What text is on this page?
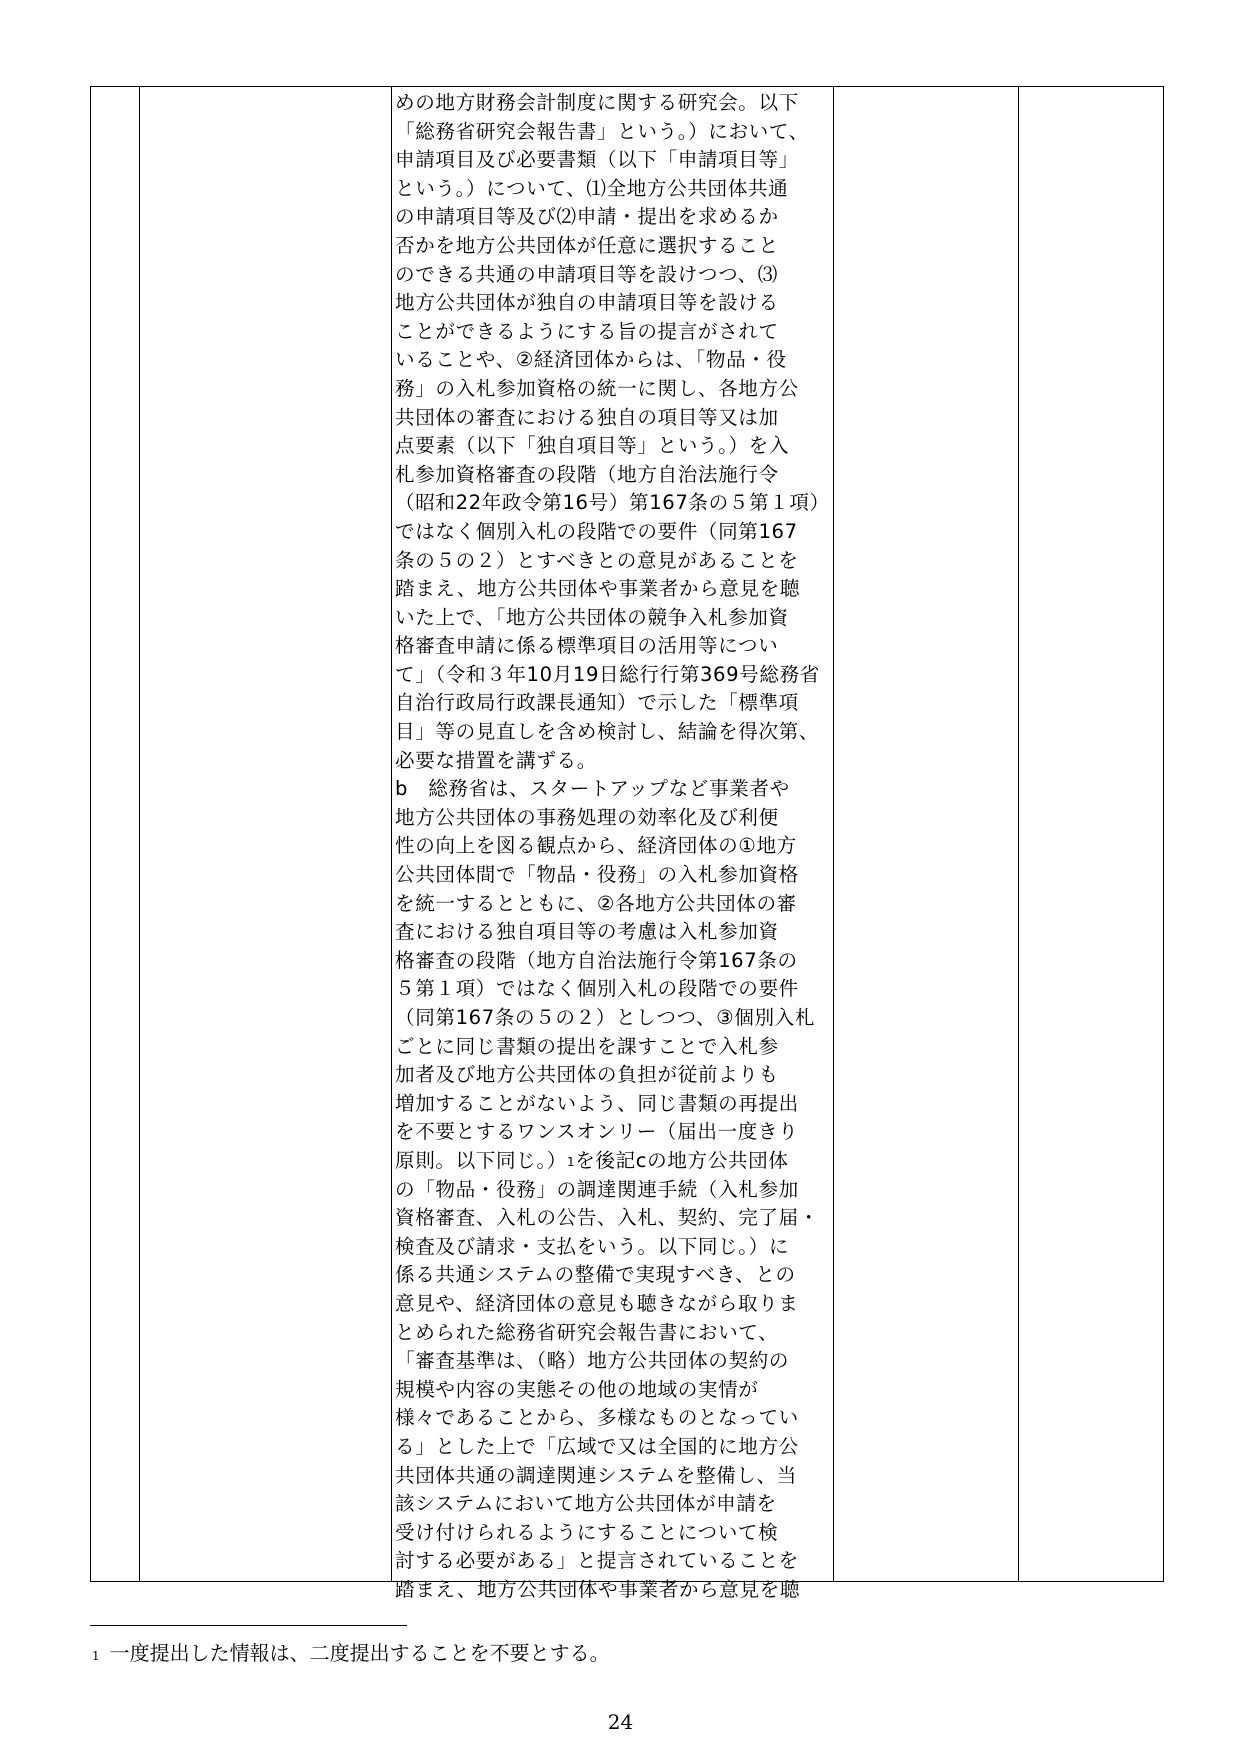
めの地方財務会計制度に関する研究会。以下
「総務省研究会報告書」という。）において、
申請項目及び必要書類（以下「申請項目等」
という。）について、⑴全地方公共団体共通
の申請項目等及び⑵申請・提出を求めるか
否かを地方公共団体が任意に選択すること
のできる共通の申請項目等を設けつつ、⑶
地方公共団体が独自の申請項目等を設ける
ことができるようにする旨の提言がされて
いることや、②経済団体からは、「物品・役
務」の入札参加資格の統一に関し、各地方公
共団体の審査における独自の項目等又は加
点要素（以下「独自項目等」という。）を入
札参加資格審査の段階（地方自治法施行令
（昭和22年政令第16号）第167条の５第１項）
ではなく個別入札の段階での要件（同第167
条の５の２）とすべきとの意見があることを
踏まえ、地方公共団体や事業者から意見を聴
いた上で、「地方公共団体の競争入札参加資
格審査申請に係る標準項目の活用等につい
て」（令和３年10月19日総行行第369号総務省
自治行政局行政課長通知）で示した「標準項
目」等の見直しを含め検討し、結論を得次第、
必要な措置を講ずる。
b　総務省は、スタートアップなど事業者や
地方公共団体の事務処理の効率化及び利便
性の向上を図る観点から、経済団体の①地方
公共団体間で「物品・役務」の入札参加資格
を統一するとともに、②各地方公共団体の審
査における独自項目等の考慮は入札参加資
格審査の段階（地方自治法施行令第167条の
５第１項）ではなく個別入札の段階での要件
（同第167条の５の２）としつつ、③個別入札
ごとに同じ書類の提出を課すことで入札参
加者及び地方公共団体の負担が従前よりも
増加することがないよう、同じ書類の再提出
を不要とするワンスオンリー（届出一度きり
原則。以下同じ。）$^1$を後記cの地方公共団体
の「物品・役務」の調達関連手続（入札参加
資格審査、入札の公告、入札、契約、完了届・
検査及び請求・支払をいう。以下同じ。）に
係る共通システムの整備で実現すべき、との
意見や、経済団体の意見も聴きながら取りま
とめられた総務省研究会報告書において、
「審査基準は、（略）地方公共団体の契約の
規模や内容の実態その他の地域の実情が
様々であることから、多様なものとなってい
る」とした上で「広域で又は全国的に地方公
共団体共通の調達関連システムを整備し、当
該システムにおいて地方公共団体が申請を
受け付けられるようにすることについて検
討する必要がある」と提言されていることを
踏まえ、地方公共団体や事業者から意見を聴
$^1$ 一度提出した情報は、二度提出することを不要とする。
24
